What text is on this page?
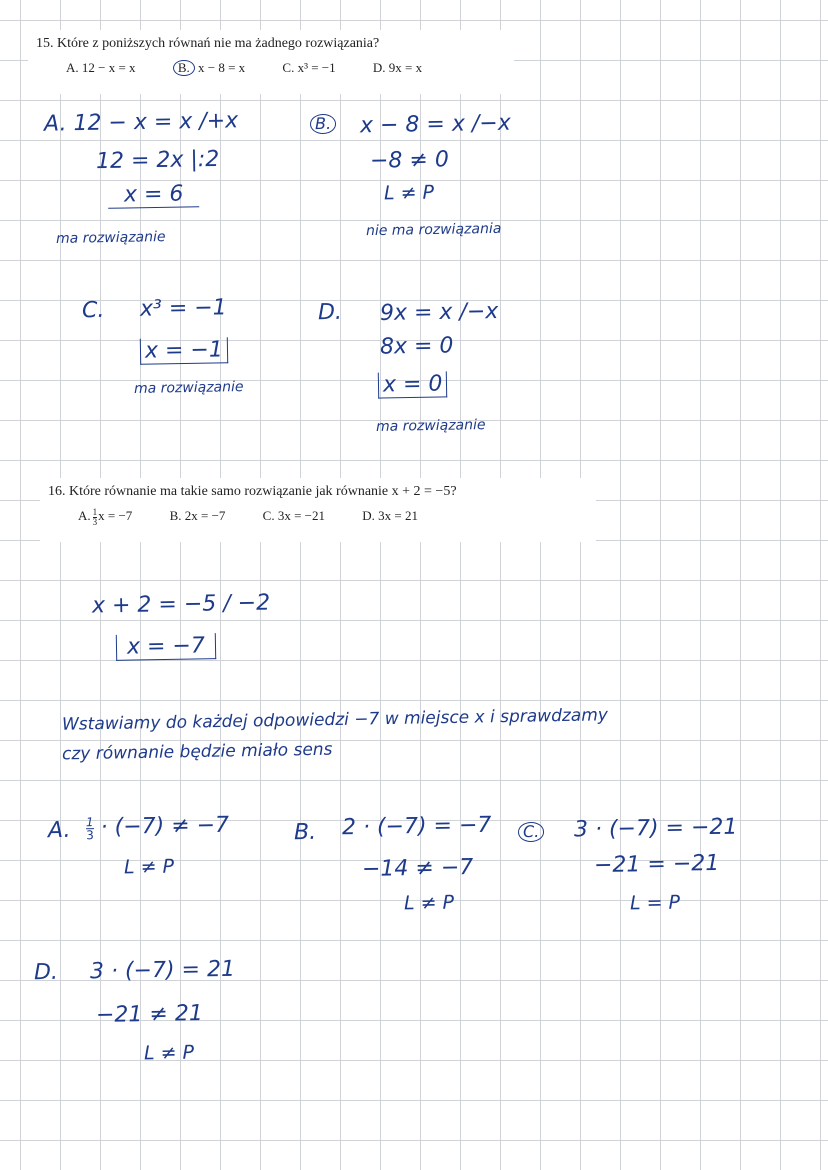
15. Które z poniższych równań nie ma żadnego rozwiązania?
A. 12 − x = x	B. x − 8 = x	C. x³ = −1	D. 9x = x
A. 12 − x = x /+x
12 = 2x |:2
x = 6
ma rozwiązanie
B. x − 8 = x /−x
−8 ≠ 0
L ≠ P
nie ma rozwiązania
C. x³ = −1
x = −1
ma rozwiązanie
D. 9x = x /−x
8x = 0
x = 0
ma rozwiązanie
16. Które równanie ma takie samo rozwiązanie jak równanie x + 2 = −5?
A. $\frac{1}{3}x = -7$	B. 2x = −7	C. 3x = −21	D. 3x = 21
x + 2 = −5 / −2
x = −7
Wstawiamy do każdej odpowiedzi −7 w miejsce x i sprawdzamy
czy równanie będzie miało sens
A. $\frac{1}{3} \cdot (-7) \ne -7$
L ≠ P
B. 2 · (−7) = −7
−14 ≠ −7
L ≠ P
C. 3 · (−7) = −21
−21 = −21
L = P
D. 3 · (−7) = 21
−21 ≠ 21
L ≠ P
